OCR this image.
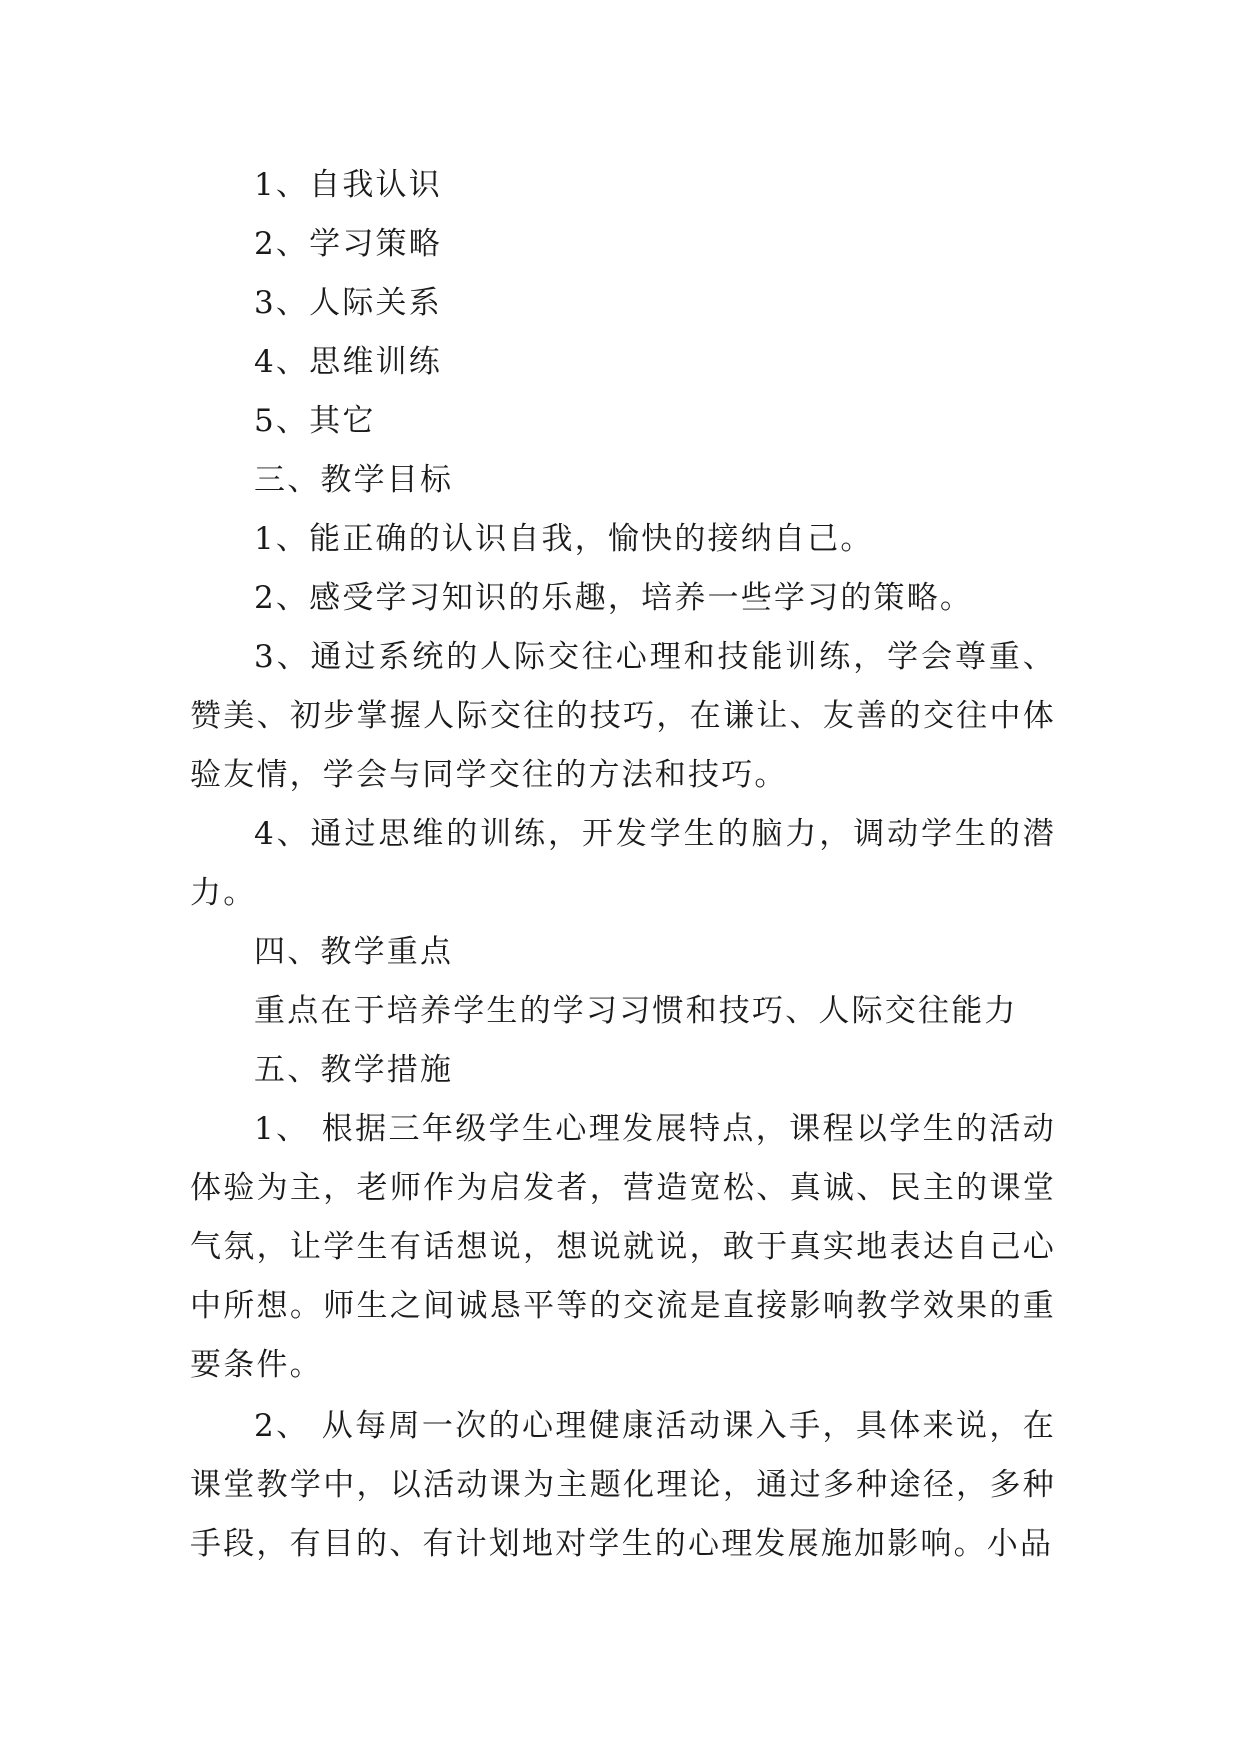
1、自我认识
2、学习策略
3、人际关系
4、思维训练
5、其它
三、教学目标
1、能正确的认识自我，愉快的接纳自己。
2、感受学习知识的乐趣，培养一些学习的策略。

3、通过系统的人际交往心理和技能训练，学会尊重、赞美、初步掌握人际交往的技巧，在谦让、友善的交往中体验友情，学会与同学交往的方法和技巧。

4、通过思维的训练，开发学生的脑力，调动学生的潜力。

四、教学重点
重点在于培养学生的学习习惯和技巧、人际交往能力
五、教学措施

1、 根据三年级学生心理发展特点，课程以学生的活动体验为主，老师作为启发者，营造宽松、真诚、民主的课堂气氛，让学生有话想说，想说就说，敢于真实地表达自己心中所想。师生之间诚恳平等的交流是直接影响教学效果的重要条件。

2、 从每周一次的心理健康活动课入手，具体来说，在课堂教学中，以活动课为主题化理论，通过多种途径，多种手段，有目的、有计划地对学生的心理发展施加影响。小品
